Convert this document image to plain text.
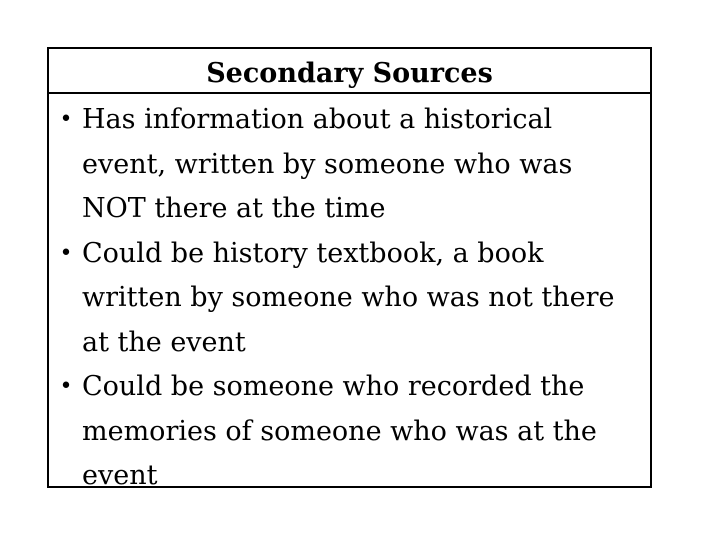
Secondary Sources
• Has information about a historical
event, written by someone who was
NOT there at the time
• Could be history textbook, a book
written by someone who was not there
at the event
• Could be someone who recorded the
memories of someone who was at the
event
